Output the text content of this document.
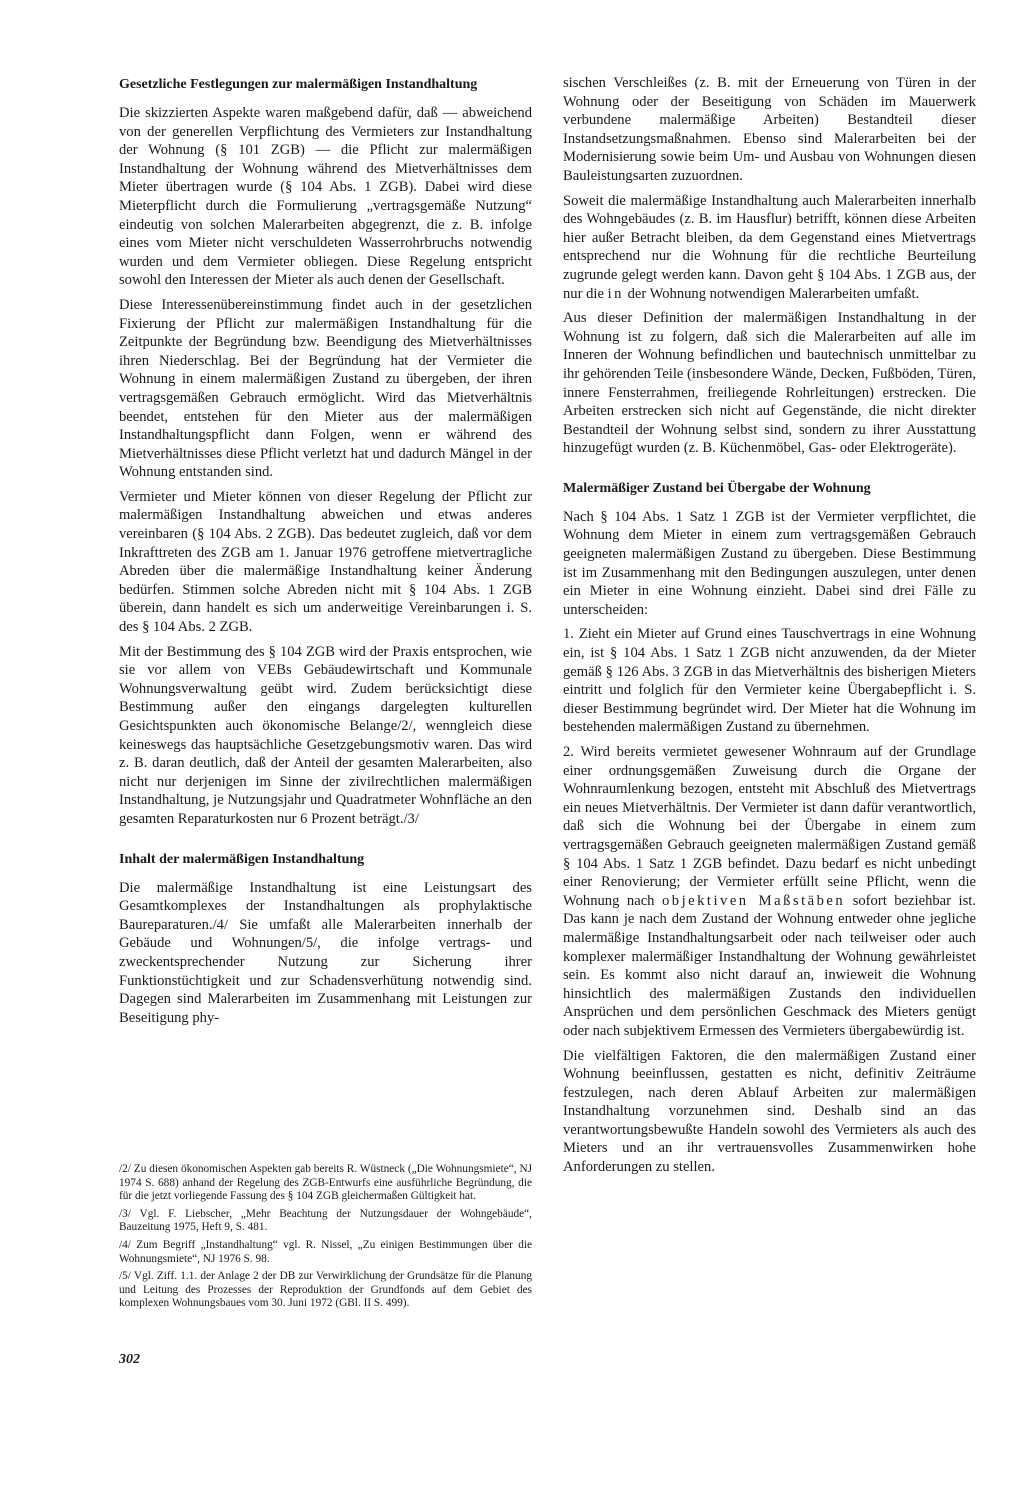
Gesetzliche Festlegungen zur malermäßigen Instandhaltung

Die skizzierten Aspekte waren maßgebend dafür, daß — abweichend von der generellen Verpflichtung des Vermieters zur Instandhaltung der Wohnung (§ 101 ZGB) — die Pflicht zur malermäßigen Instandhaltung der Wohnung während des Mietverhältnisses dem Mieter übertragen wurde (§ 104 Abs. 1 ZGB). Dabei wird diese Mieterpflicht durch die Formulierung „vertragsgemäße Nutzung“ eindeutig von solchen Malerarbeiten abgegrenzt, die z. B. infolge eines vom Mieter nicht verschuldeten Wasserrohrbruchs notwendig wurden und dem Vermieter obliegen. Diese Regelung entspricht sowohl den Interessen der Mieter als auch denen der Gesellschaft.

Diese Interessenübereinstimmung findet auch in der gesetzlichen Fixierung der Pflicht zur malermäßigen Instandhaltung für die Zeitpunkte der Begründung bzw. Beendigung des Mietverhältnisses ihren Niederschlag. Bei der Begründung hat der Vermieter die Wohnung in einem malermäßigen Zustand zu übergeben, der ihren vertragsgemäßen Gebrauch ermöglicht. Wird das Mietverhältnis beendet, entstehen für den Mieter aus der malermäßigen Instandhaltungspflicht dann Folgen, wenn er während des Mietverhältnisses diese Pflicht verletzt hat und dadurch Mängel in der Wohnung entstanden sind.

Vermieter und Mieter können von dieser Regelung der Pflicht zur malermäßigen Instandhaltung abweichen und etwas anderes vereinbaren (§ 104 Abs. 2 ZGB). Das bedeutet zugleich, daß vor dem Inkrafttreten des ZGB am 1. Januar 1976 getroffene mietvertragliche Abreden über die malermäßige Instandhaltung keiner Änderung bedürfen. Stimmen solche Abreden nicht mit § 104 Abs. 1 ZGB überein, dann handelt es sich um anderweitige Vereinbarungen i. S. des § 104 Abs. 2 ZGB.

Mit der Bestimmung des § 104 ZGB wird der Praxis entsprochen, wie sie vor allem von VEBs Gebäudewirtschaft und Kommunale Wohnungsverwaltung geübt wird. Zudem berücksichtigt diese Bestimmung außer den eingangs dargelegten kulturellen Gesichtspunkten auch ökonomische Belange/2/, wenngleich diese keineswegs das hauptsächliche Gesetzgebungsmotiv waren. Das wird z. B. daran deutlich, daß der Anteil der gesamten Malerarbeiten, also nicht nur derjenigen im Sinne der zivilrechtlichen malermäßigen Instandhaltung, je Nutzungsjahr und Quadratmeter Wohnfläche an den gesamten Reparaturkosten nur 6 Prozent beträgt./3/

Inhalt der malermäßigen Instandhaltung

Die malermäßige Instandhaltung ist eine Leistungsart des Gesamtkomplexes der Instandhaltungen als prophylaktische Baureparaturen./4/ Sie umfaßt alle Malerarbeiten innerhalb der Gebäude und Wohnungen/5/, die infolge vertrags- und zweckentsprechender Nutzung zur Sicherung ihrer Funktionstüchtigkeit und zur Schadensverhütung notwendig sind. Dagegen sind Malerarbeiten im Zusammenhang mit Leistungen zur Beseitigung phy-

/2/ Zu diesen ökonomischen Aspekten gab bereits R. Wüstneck („Die Wohnungsmiete“, NJ 1974 S. 688) anhand der Regelung des ZGB-Entwurfs eine ausführliche Begründung, die für die jetzt vorliegende Fassung des § 104 ZGB gleichermaßen Gültigkeit hat.

/3/ Vgl. F. Liebscher, „Mehr Beachtung der Nutzungsdauer der Wohngebäude“, Bauzeitung 1975, Heft 9, S. 481.

/4/ Zum Begriff „Instandhaltung“ vgl. R. Nissel, „Zu einigen Bestimmungen über die Wohnungsmiete“, NJ 1976 S. 98.

/5/ Vgl. Ziff. 1.1. der Anlage 2 der DB zur Verwirklichung der Grundsätze für die Planung und Leitung des Prozesses der Reproduktion der Grundfonds auf dem Gebiet des komplexen Wohnungsbaues vom 30. Juni 1972 (GBl. II S. 499).

302

sischen Verschleißes (z. B. mit der Erneuerung von Türen in der Wohnung oder der Beseitigung von Schäden im Mauerwerk verbundene malermäßige Arbeiten) Bestandteil dieser Instandsetzungsmaßnahmen. Ebenso sind Malerarbeiten bei der Modernisierung sowie beim Um- und Ausbau von Wohnungen diesen Bauleistungsarten zuzuordnen.

Soweit die malermäßige Instandhaltung auch Malerarbeiten innerhalb des Wohngebäudes (z. B. im Hausflur) betrifft, können diese Arbeiten hier außer Betracht bleiben, da dem Gegenstand eines Mietvertrags entsprechend nur die Wohnung für die rechtliche Beurteilung zugrunde gelegt werden kann. Davon geht § 104 Abs. 1 ZGB aus, der nur die in der Wohnung notwendigen Malerarbeiten umfaßt.

Aus dieser Definition der malermäßigen Instandhaltung in der Wohnung ist zu folgern, daß sich die Malerarbeiten auf alle im Inneren der Wohnung befindlichen und bautechnisch unmittelbar zu ihr gehörenden Teile (insbesondere Wände, Decken, Fußböden, Türen, innere Fensterrahmen, freiliegende Rohrleitungen) erstrecken. Die Arbeiten erstrecken sich nicht auf Gegenstände, die nicht direkter Bestandteil der Wohnung selbst sind, sondern zu ihrer Ausstattung hinzugefügt wurden (z. B. Küchenmöbel, Gas- oder Elektrogeräte).

Malermäßiger Zustand bei Übergabe der Wohnung

Nach § 104 Abs. 1 Satz 1 ZGB ist der Vermieter verpflichtet, die Wohnung dem Mieter in einem zum vertragsgemäßen Gebrauch geeigneten malermäßigen Zustand zu übergeben. Diese Bestimmung ist im Zusammenhang mit den Bedingungen auszulegen, unter denen ein Mieter in eine Wohnung einzieht. Dabei sind drei Fälle zu unterscheiden:

1. Zieht ein Mieter auf Grund eines Tauschvertrags in eine Wohnung ein, ist § 104 Abs. 1 Satz 1 ZGB nicht anzuwenden, da der Mieter gemäß § 126 Abs. 3 ZGB in das Mietverhältnis des bisherigen Mieters eintritt und folglich für den Vermieter keine Übergabepflicht i. S. dieser Bestimmung begründet wird. Der Mieter hat die Wohnung im bestehenden malermäßigen Zustand zu übernehmen.

2. Wird bereits vermietet gewesener Wohnraum auf der Grundlage einer ordnungsgemäßen Zuweisung durch die Organe der Wohnraumlenkung bezogen, entsteht mit Abschluß des Mietvertrags ein neues Mietverhältnis. Der Vermieter ist dann dafür verantwortlich, daß sich die Wohnung bei der Übergabe in einem zum vertragsgemäßen Gebrauch geeigneten malermäßigen Zustand gemäß § 104 Abs. 1 Satz 1 ZGB befindet. Dazu bedarf es nicht unbedingt einer Renovierung; der Vermieter erfüllt seine Pflicht, wenn die Wohnung nach objektiven Maßstäben sofort beziehbar ist. Das kann je nach dem Zustand der Wohnung entweder ohne jegliche malermäßige Instandhaltungsarbeit oder nach teilweiser oder auch komplexer malermäßiger Instandhaltung der Wohnung gewährleistet sein. Es kommt also nicht darauf an, inwieweit die Wohnung hinsichtlich des malermäßigen Zustands den individuellen Ansprüchen und dem persönlichen Geschmack des Mieters genügt oder nach subjektivem Ermessen des Vermieters übergabewürdig ist.

Die vielfältigen Faktoren, die den malermäßigen Zustand einer Wohnung beeinflussen, gestatten es nicht, definitiv Zeiträume festzulegen, nach deren Ablauf Arbeiten zur malermäßigen Instandhaltung vorzunehmen sind. Deshalb sind an das verantwortungsbewußte Handeln sowohl des Vermieters als auch des Mieters und an ihr vertrauensvolles Zusammenwirken hohe Anforderungen zu stellen.
